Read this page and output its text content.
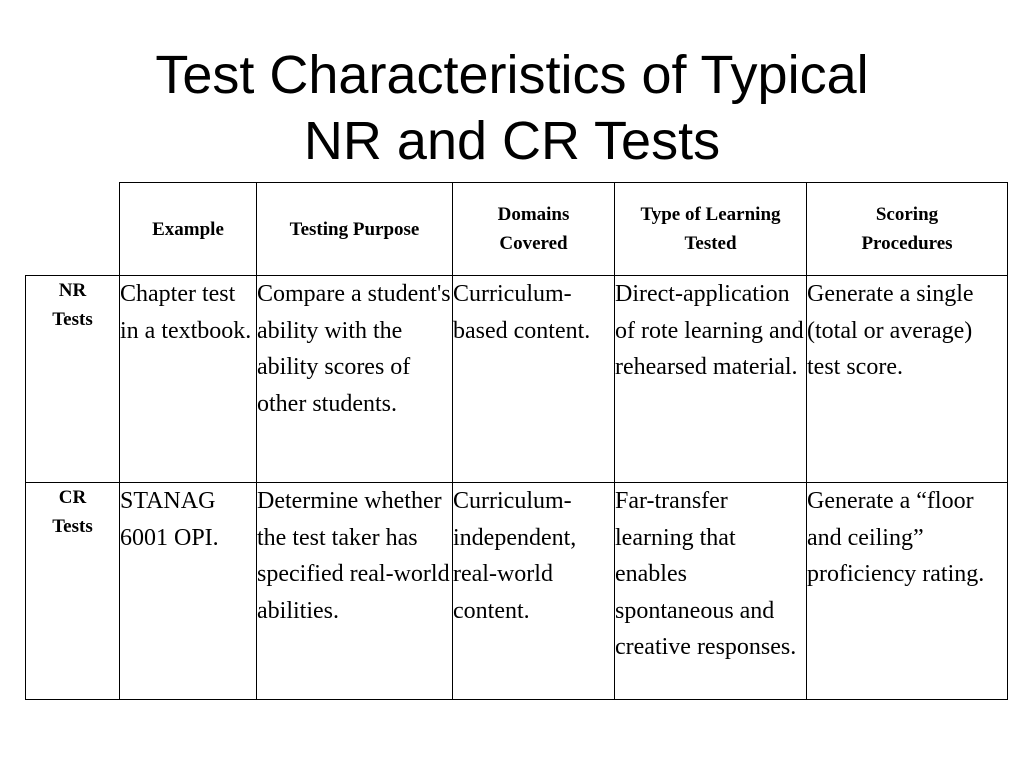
Test Characteristics of Typical
NR and CR Tests
	Example	Testing Purpose	Domains Covered	Type of Learning Tested	Scoring Procedures
NR Tests	Chapter test in a textbook.	Compare a student's ability with the ability scores of other students.	Curriculum-based content.	Direct-application of rote learning and rehearsed material.	Generate a single (total or average) test score.
CR Tests	STANAG 6001 OPI.	Determine whether the test taker has specified real-world abilities.	Curriculum-independent, real-world content.	Far-transfer learning that enables spontaneous and creative responses.	Generate a “floor and ceiling” proficiency rating.
